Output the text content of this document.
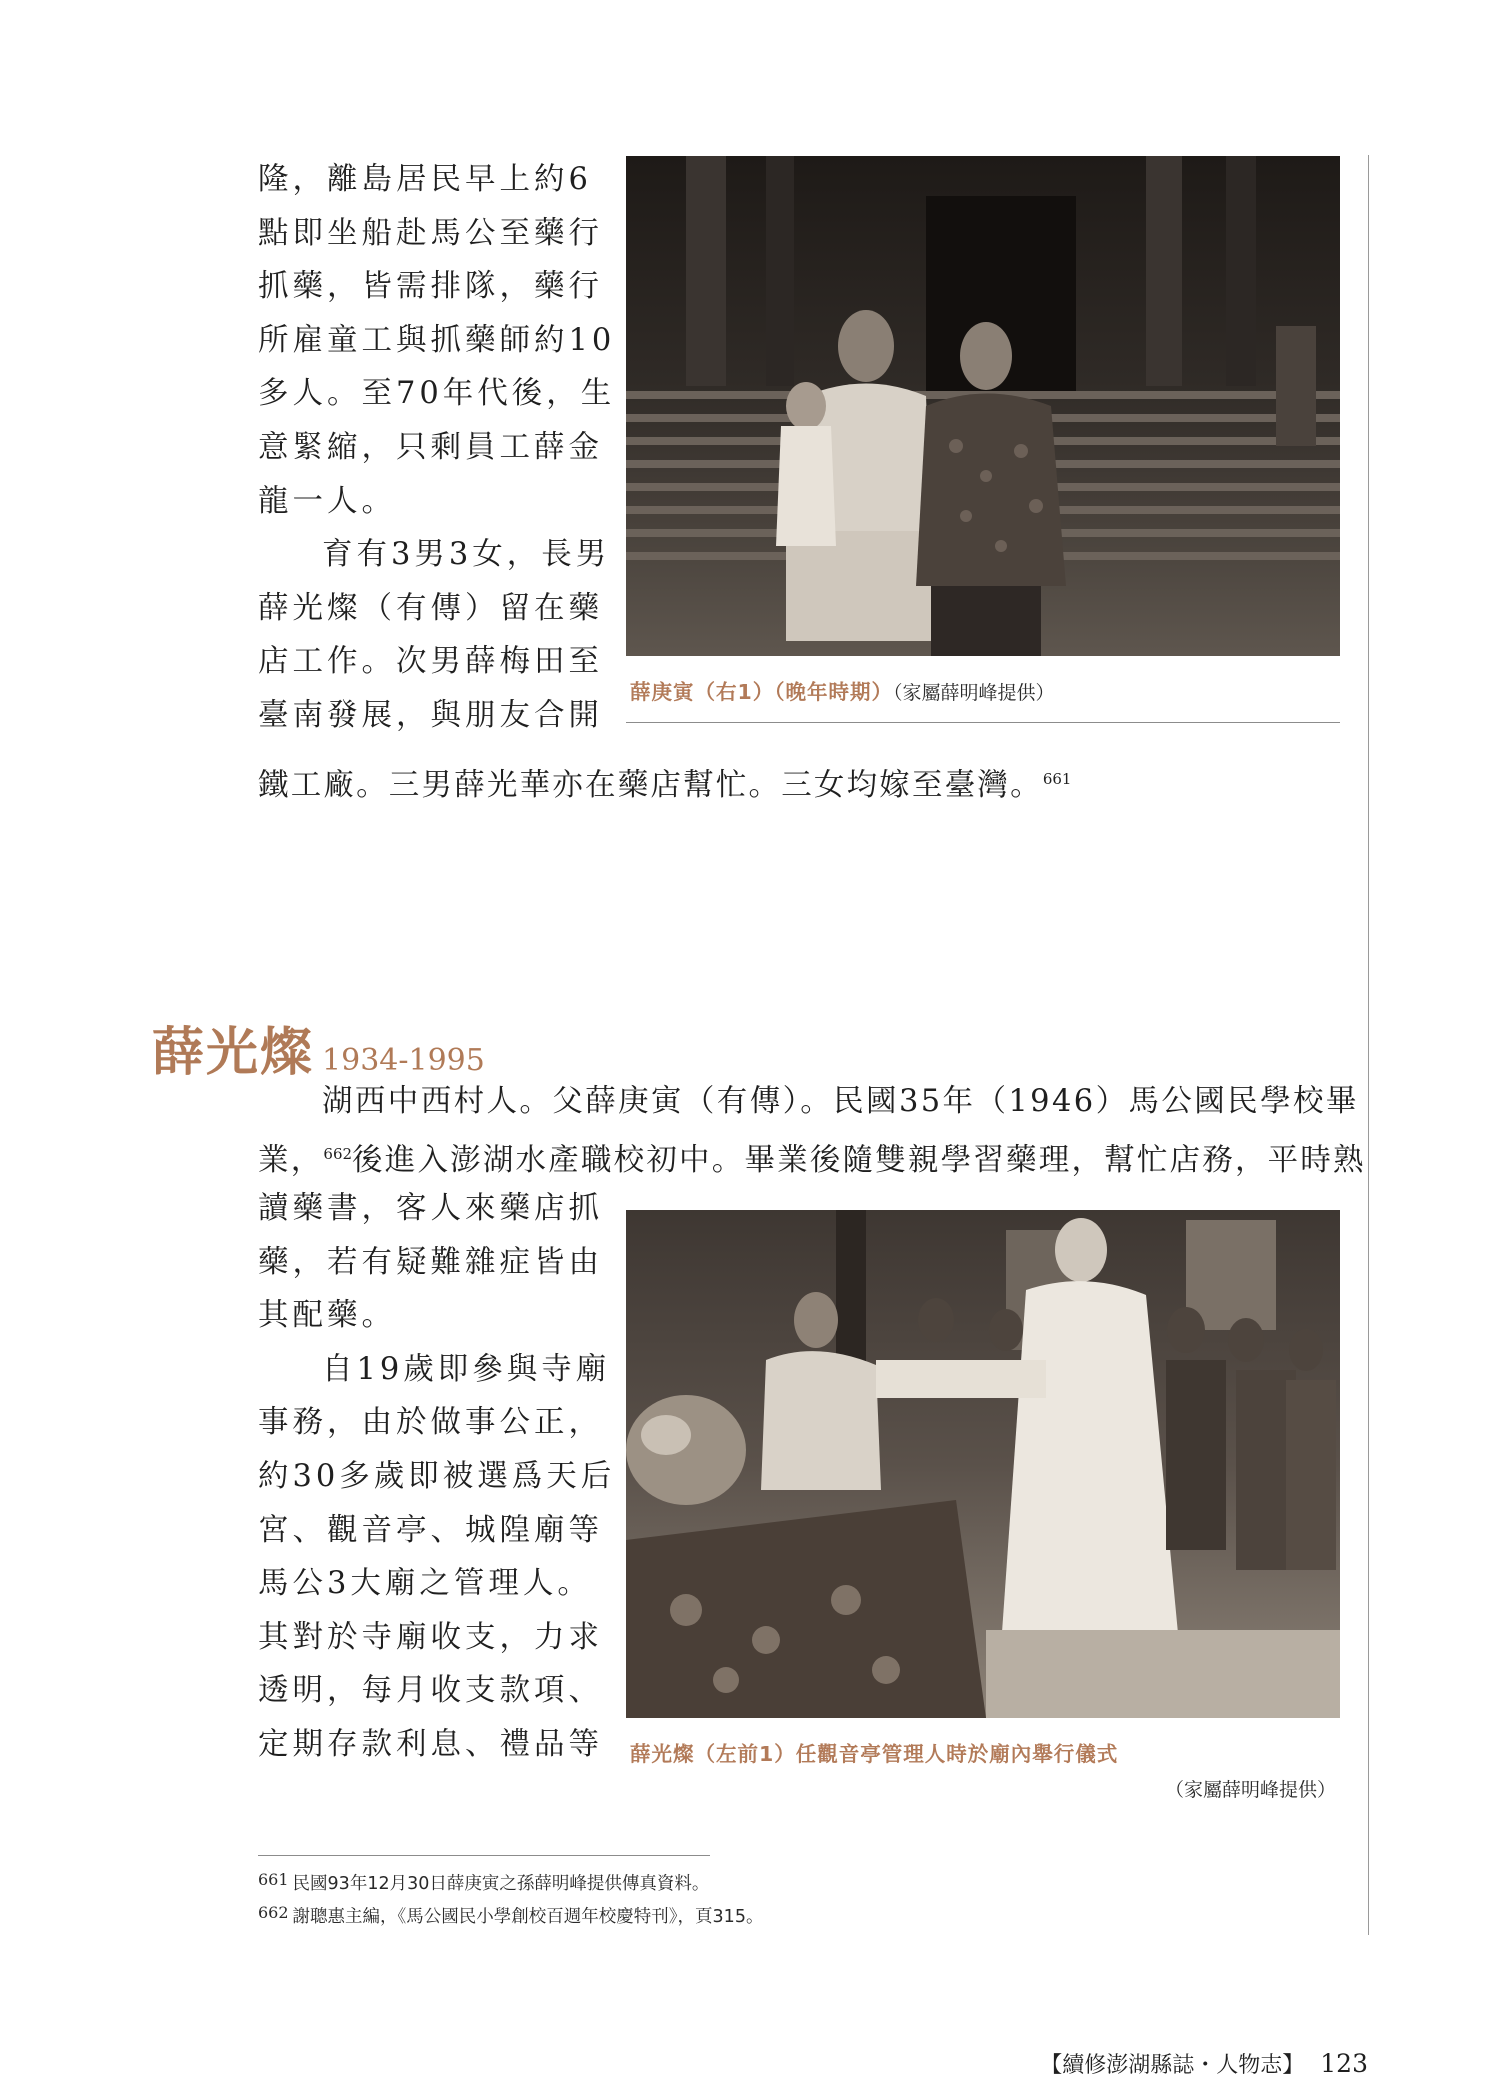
隆，離島居民早上約6
點即坐船赴馬公至藥行
抓藥，皆需排隊，藥行
所雇童工與抓藥師約10
多人。至70年代後，生
意緊縮，只剩員工薛金
龍一人。
育有3男3女，長男
薛光燦（有傳）留在藥
店工作。次男薛梅田至
臺南發展，與朋友合開
鐵工廠。三男薛光華亦在藥店幫忙。三女均嫁至臺灣。$^{661}$
薛庚寅（右1）（晚年時期）（家屬薛明峰提供）
薛光燦 1934-1995
湖西中西村人。父薛庚寅（有傳）。民國35年（1946）馬公國民學校畢
業，$^{662}$後進入澎湖水產職校初中。畢業後隨雙親學習藥理，幫忙店務，平時熟
讀藥書，客人來藥店抓
藥，若有疑難雜症皆由
其配藥。
自19歲即參與寺廟
事務，由於做事公正，
約30多歲即被選爲天后
宮、觀音亭、城隍廟等
馬公3大廟之管理人。
其對於寺廟收支，力求
透明，每月收支款項、
定期存款利息、禮品等 薛光燦（左前1）任觀音亭管理人時於廟內舉行儀式
（家屬薛明峰提供）
$^{661}$ 民國93年12月30日薛庚寅之孫薛明峰提供傳真資料。
$^{662}$ 謝聰惠主編，《馬公國民小學創校百週年校慶特刊》，頁315。
【續修澎湖縣誌・人物志】 123
